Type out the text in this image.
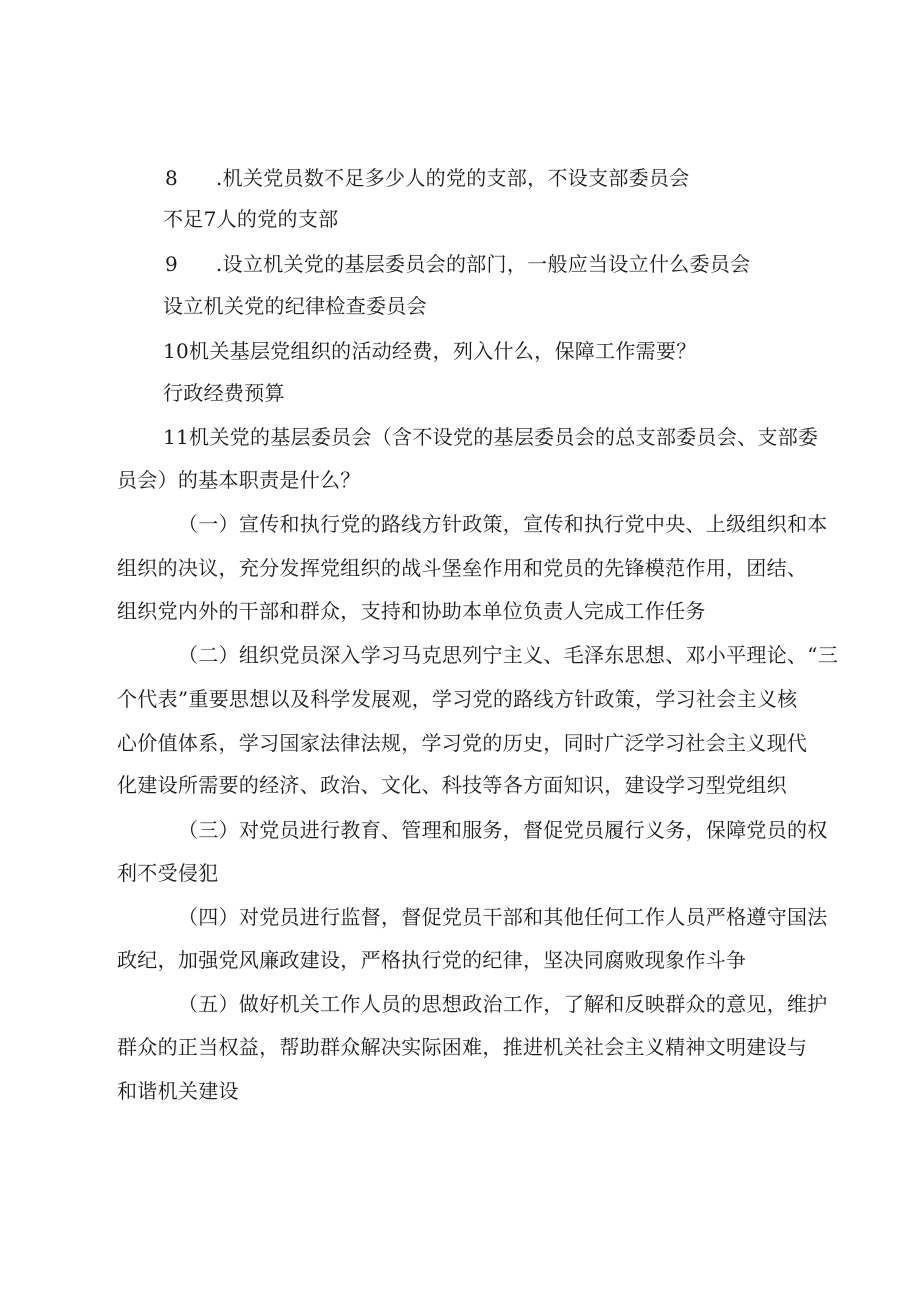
8 .机关党员数不足多少人的党的支部，不设支部委员会
不足7人的党的支部
9 .设立机关党的基层委员会的部门，一般应当设立什么委员会
设立机关党的纪律检查委员会
10机关基层党组织的活动经费，列入什么，保障工作需要？
行政经费预算
11机关党的基层委员会（含不设党的基层委员会的总支部委员会、支部委
员会）的基本职责是什么？
（一）宣传和执行党的路线方针政策，宣传和执行党中央、上级组织和本
组织的决议，充分发挥党组织的战斗堡垒作用和党员的先锋模范作用，团结、
组织党内外的干部和群众，支持和协助本单位负责人完成工作任务
（二）组织党员深入学习马克思列宁主义、毛泽东思想、邓小平理论、“三
个代表”重要思想以及科学发展观，学习党的路线方针政策，学习社会主义核
心价值体系，学习国家法律法规，学习党的历史，同时广泛学习社会主义现代
化建设所需要的经济、政治、文化、科技等各方面知识，建设学习型党组织
（三）对党员进行教育、管理和服务，督促党员履行义务，保障党员的权
利不受侵犯
（四）对党员进行监督，督促党员干部和其他任何工作人员严格遵守国法
政纪，加强党风廉政建设，严格执行党的纪律，坚决同腐败现象作斗争
（五）做好机关工作人员的思想政治工作，了解和反映群众的意见，维护
群众的正当权益，帮助群众解决实际困难，推进机关社会主义精神文明建设与
和谐机关建设
